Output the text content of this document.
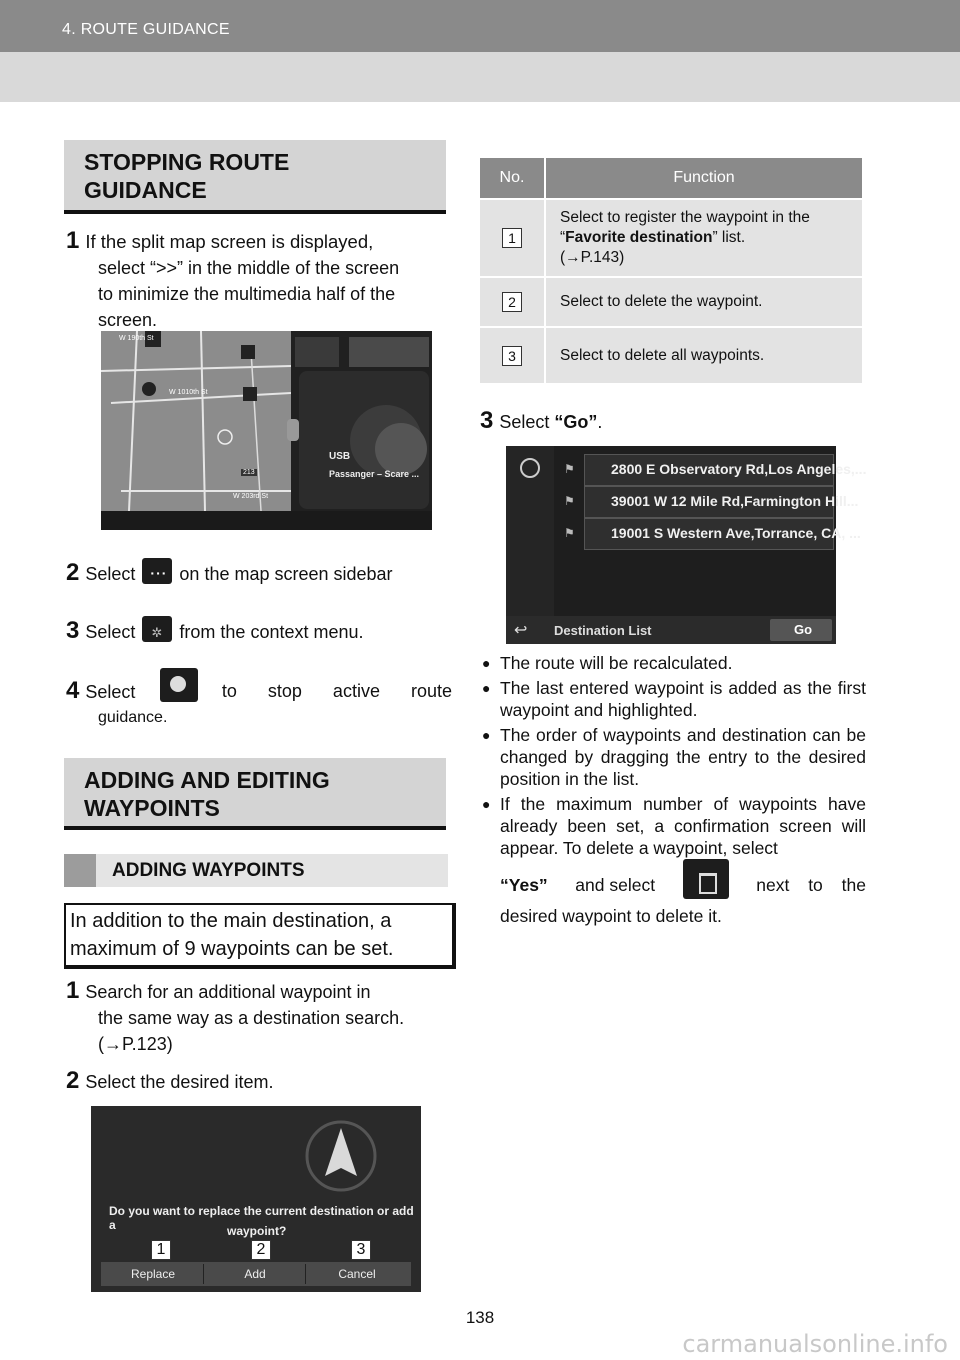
4. ROUTE GUIDANCE
STOPPING ROUTE
GUIDANCE
1 If the split map screen is displayed,
select “>>” in the middle of the screen
to minimize the multimedia half of the
screen.
USB
Passanger – Scare ...
W 190th St
W 1010th St
W 203rd St
213
2 Select ··· on the map screen sidebar
3 Select ✲ from the context menu.
4 Select	to stop active route
guidance.
ADDING AND EDITING
WAYPOINTS
ADDING WAYPOINTS
In addition to the main destination, a
maximum of 9 waypoints can be set.
1 Search for an additional waypoint in
the same way as a destination search.
(→P.123)
2 Select the desired item.
Do you want to replace the current destination or add a	waypoint?
1	2	3
Replace	Add	Cancel
No.	Function
1	Select to register the waypoint in the
“Favorite destination” list.
(→P.143)

2	Select to delete the waypoint.
3	Select to delete all waypoints.
3 Select “Go”.
2800 E Observatory Rd,Los Angeles,...
39001 W 12 Mile Rd,Farmington Hill...
19001 S Western Ave,Torrance, CA, ...
⚑
⚑
⚑
↩ Destination List	Go
● The route will be recalculated.
● The last entered waypoint is added as the first waypoint and highlighted.
● The order of waypoints and destination can be changed by dragging the entry to the desired position in the list.
● If the maximum number of waypoints have already been set, a confirmation screen will appear. To delete a waypoint, select
“Yes” and select	next to the
desired waypoint to delete it.
138
carmanualsonline.info
